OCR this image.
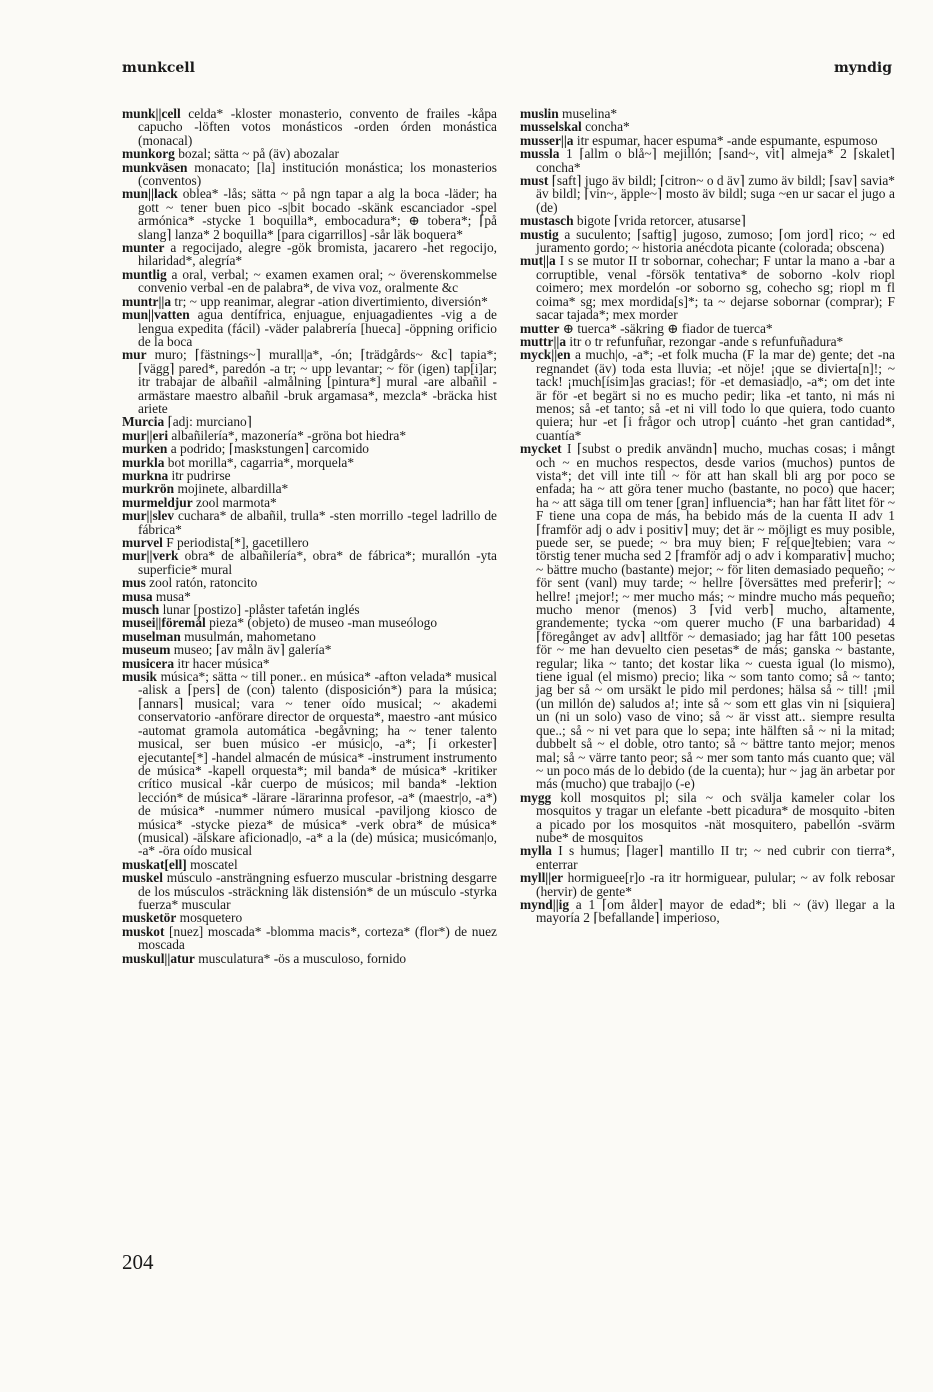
munkcell	myndig

munk||cell celda* -kloster monasterio, convento de frailes -kåpa capucho -löften votos monásticos -orden órden monástica (monacal)

munkorg bozal; sätta ~ på (äv) abozalar

munkväsen monacato; [la] institución monástica; los monasterios (conventos)

mun||lack oblea* -lås; sätta ~ på ngn tapar a alg la boca -läder; ha gott ~ tener buen pico -s|bit bocado -skänk escanciador -spel armónica* -stycke 1 boquilla*, embocadura*; ⊕ tobera*; ⌈på slang⌉ lanza* 2 boquilla* [para cigarrillos] -sår läk boquera*

munter a regocijado, alegre -gök bromista, jacarero -het regocijo, hilaridad*, alegría*

muntlig a oral, verbal; ~ examen examen oral; ~ överenskommelse convenio verbal -en de palabra*, de viva voz, oralmente &c

muntr||a tr; ~ upp reanimar, alegrar -ation divertimiento, diversión*

mun||vatten agua dentífrica, enjuague, enjuagadientes -vig a de lengua expedita (fácil) -väder palabrería [hueca] -öppning orificio de la boca

mur muro; ⌈fästnings~⌉ murall|a*, -ón; ⌈trädgårds~ &c⌉ tapia*; ⌈vägg⌉ pared*, paredón -a tr; ~ upp levantar; ~ för (igen) tap[i]ar; itr trabajar de albañil -almålning [pintura*] mural -are albañil -armästare maestro albañil -bruk argamasa*, mezcla* -bräcka hist ariete

Murcia ⌈adj: murciano⌉

mur||eri albañilería*, mazonería* -gröna bot hiedra*

murken a podrido; ⌈maskstungen⌉ carcomido

murkla bot morilla*, cagarria*, morquela*

murkna itr pudrirse

murkrön mojinete, albardilla*

murmeldjur zool marmota*

mur||slev cuchara* de albañil, trulla* -sten morrillo -tegel ladrillo de fábrica*

murvel F periodista[*], gacetillero

mur||verk obra* de albañilería*, obra* de fábrica*; murallón -yta superficie* mural

mus zool ratón, ratoncito

musa musa*

musch lunar [postizo] -plåster tafetán inglés

musei||föremål pieza* (objeto) de museo -man museólogo

muselman musulmán, mahometano

museum museo; ⌈av måln äv⌉ galería*

musicera itr hacer música*

musik música*; sätta ~ till poner.. en música* -afton velada* musical -alisk a ⌈pers⌉ de (con) talento (disposición*) para la música; ⌈annars⌉ musical; vara ~ tener oído musical; ~ akademi conservatorio -anförare director de orquesta*, maestro -ant músico -automat gramola automática -begåvning; ha ~ tener talento musical, ser buen músico -er músic|o, -a*; ⌈i orkester⌉ ejecutante[*] -handel almacén de música* -instrument instrumento de música* -kapell orquesta*; mil banda* de música* -kritiker crítico musical -kår cuerpo de músicos; mil banda* -lektion lección* de música* -lärare -lärarinna profesor, -a* (maestr|o, -a*) de música* -nummer número musical -paviljong kiosco de música* -stycke pieza* de música* -verk obra* de música* (musical) -älskare aficionad|o, -a* a la (de) música; musicóman|o, -a* -öra oído musical

muskat[ell] moscatel

muskel músculo -ansträngning esfuerzo muscular -bristning desgarre de los músculos -sträckning läk distensión* de un músculo -styrka fuerza* muscular

musketör mosquetero

muskot [nuez] moscada* -blomma macis*, corteza* (flor*) de nuez moscada

muskul||atur musculatura* -ös a musculoso, fornido

muslin muselina*

musselskal concha*

musser||a itr espumar, hacer espuma* -ande espumante, espumoso

mussla 1 ⌈allm o blå~⌉ mejillón; ⌈sand~, vit⌉ almeja* 2 ⌈skalet⌉ concha*

must ⌈saft⌉ jugo äv bildl; ⌈citron~ o d äv⌉ zumo äv bildl; ⌈sav⌉ savia* äv bildl; ⌈vin~, äpple~⌉ mosto äv bildl; suga ~en ur sacar el jugo a (de)

mustasch bigote ⌈vrida retorcer, atusarse⌉

mustig a suculento; ⌈saftig⌉ jugoso, zumoso; ⌈om jord⌉ rico; ~ ed juramento gordo; ~ historia anécdota picante (colorada; obscena)

mut||a I s se mutor II tr sobornar, cohechar; F untar la mano a -bar a corruptible, venal -försök tentativa* de soborno -kolv riopl coimero; mex mordelón -or soborno sg, cohecho sg; riopl m fl coima* sg; mex mordida[s]*; ta ~ dejarse sobornar (comprar); F sacar tajada*; mex morder

mutter ⊕ tuerca* -säkring ⊕ fiador de tuerca*

muttr||a itr o tr refunfuñar, rezongar -ande s refunfuñadura*

myck||en a much|o, -a*; -et folk mucha (F la mar de) gente; det -na regnandet (äv) toda esta lluvia; -et nöje! ¡que se divierta[n]!; ~ tack! ¡much[ísim]as gracias!; för -et demasiad|o, -a*; om det inte är för -et begärt si no es mucho pedir; lika -et tanto, ni más ni menos; så -et tanto; så -et ni vill todo lo que quiera, todo cuanto quiera; hur -et ⌈i frågor och utrop⌉ cuánto -het gran cantidad*, cuantía*

mycket I ⌈subst o predik användn⌉ mucho, muchas cosas; i mångt och ~ en muchos respectos, desde varios (muchos) puntos de vista*; det vill inte till ~ för att han skall bli arg por poco se enfada; ha ~ att göra tener mucho (bastante, no poco) que hacer; ha ~ att säga till om tener [gran] influencia*; han har fått litet för ~ F tiene una copa de más, ha bebido más de la cuenta II adv 1 ⌈framför adj o adv i positiv⌉ muy; det är ~ möjligt es muy posible, puede ser, se puede; ~ bra muy bien; F re[que]tebien; vara ~ törstig tener mucha sed 2 ⌈framför adj o adv i komparativ⌉ mucho; ~ bättre mucho (bastante) mejor; ~ för liten demasiado pequeño; ~ för sent (vanl) muy tarde; ~ hellre ⌈översättes med preferir⌉; ~ hellre! ¡mejor!; ~ mer mucho más; ~ mindre mucho más pequeño; mucho menor (menos) 3 ⌈vid verb⌉ mucho, altamente, grandemente; tycka ~om querer mucho (F una barbaridad) 4 ⌈föregånget av adv⌉ alltför ~ demasiado; jag har fått 100 pesetas för ~ me han devuelto cien pesetas* de más; ganska ~ bastante, regular; lika ~ tanto; det kostar lika ~ cuesta igual (lo mismo), tiene igual (el mismo) precio; lika ~ som tanto como; så ~ tanto; jag ber så ~ om ursäkt le pido mil perdones; hälsa så ~ till! ¡mil (un millón de) saludos a!; inte så ~ som ett glas vin ni [siquiera] un (ni un solo) vaso de vino; så ~ är visst att.. siempre resulta que..; så ~ ni vet para que lo sepa; inte hälften så ~ ni la mitad; dubbelt så ~ el doble, otro tanto; så ~ bättre tanto mejor; menos mal; så ~ värre tanto peor; så ~ mer som tanto más cuanto que; väl ~ un poco más de lo debido (de la cuenta); hur ~ jag än arbetar por más (mucho) que trabaj|o (-e)

mygg koll mosquitos pl; sila ~ och svälja kameler colar los mosquitos y tragar un elefante -bett picadura* de mosquito -biten a picado por los mosquitos -nät mosquitero, pabellón -svärm nube* de mosquitos

mylla I s humus; ⌈lager⌉ mantillo II tr; ~ ned cubrir con tierra*, enterrar

myll||er hormiguee[r]o -ra itr hormiguear, pulular; ~ av folk rebosar (hervir) de gente*

mynd||ig a 1 ⌈om ålder⌉ mayor de edad*; bli ~ (äv) llegar a la mayoría 2 ⌈befallande⌉ imperioso,

204
